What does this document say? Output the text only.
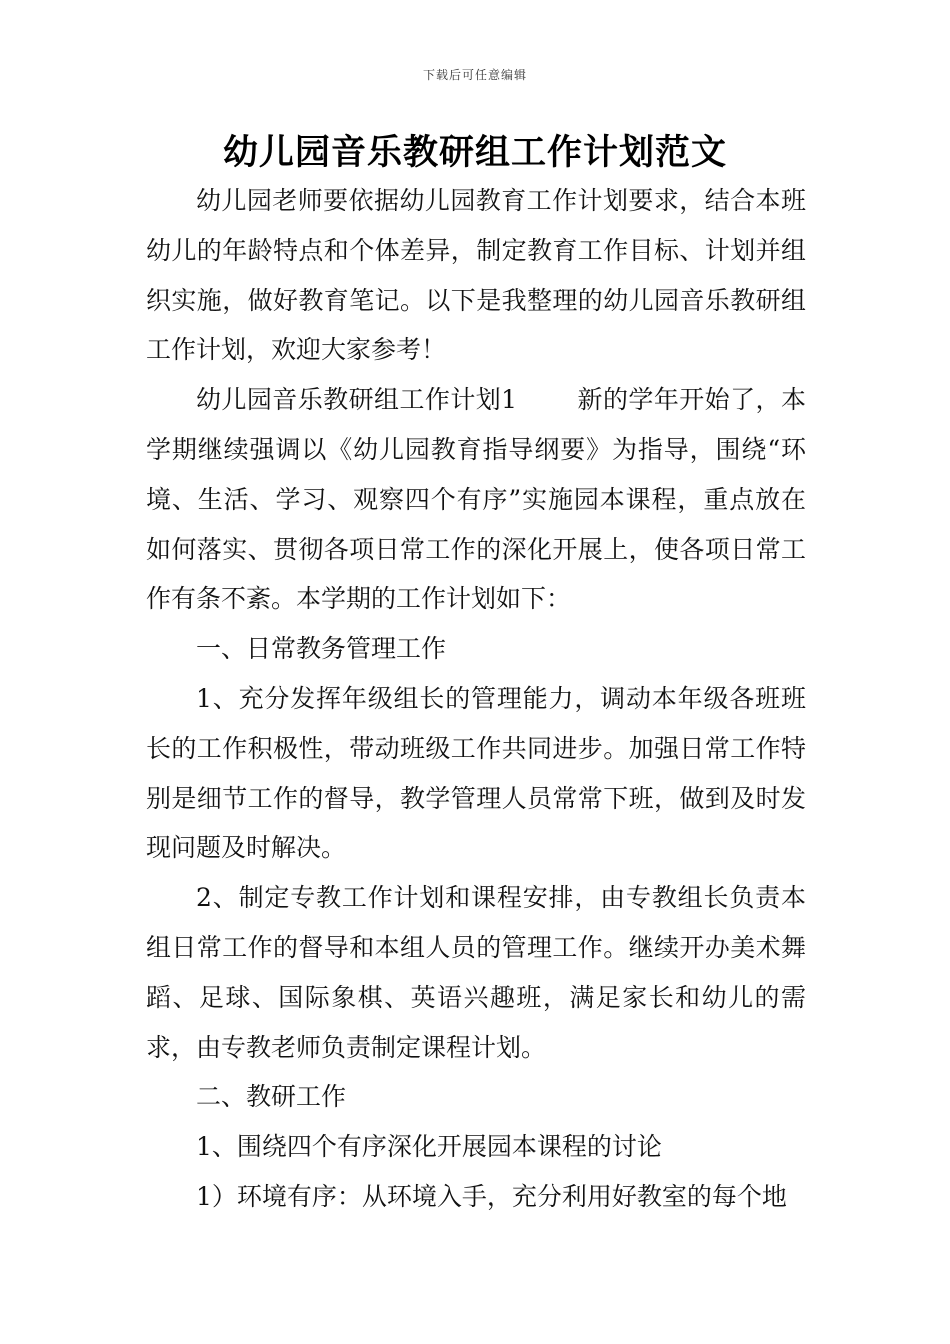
下载后可任意编辑
幼儿园音乐教研组工作计划范文

幼儿园老师要依据幼儿园教育工作计划要求，结合本班幼儿的年龄特点和个体差异，制定教育工作目标、计划并组织实施，做好教育笔记。以下是我整理的幼儿园音乐教研组工作计划，欢迎大家参考！

幼儿园音乐教研组工作计划1 新的学年开始了，本学期继续强调以《幼儿园教育指导纲要》为指导，围绕“环境、生活、学习、观察四个有序”实施园本课程，重点放在如何落实、贯彻各项日常工作的深化开展上，使各项日常工作有条不紊。本学期的工作计划如下：

一、日常教务管理工作

1、充分发挥年级组长的管理能力，调动本年级各班班长的工作积极性，带动班级工作共同进步。加强日常工作特别是细节工作的督导，教学管理人员常常下班，做到及时发现问题及时解决。

2、制定专教工作计划和课程安排，由专教组长负责本组日常工作的督导和本组人员的管理工作。继续开办美术舞蹈、足球、国际象棋、英语兴趣班，满足家长和幼儿的需求，由专教老师负责制定课程计划。

二、教研工作

1、围绕四个有序深化开展园本课程的讨论

1）环境有序：从环境入手，充分利用好教室的每个地
